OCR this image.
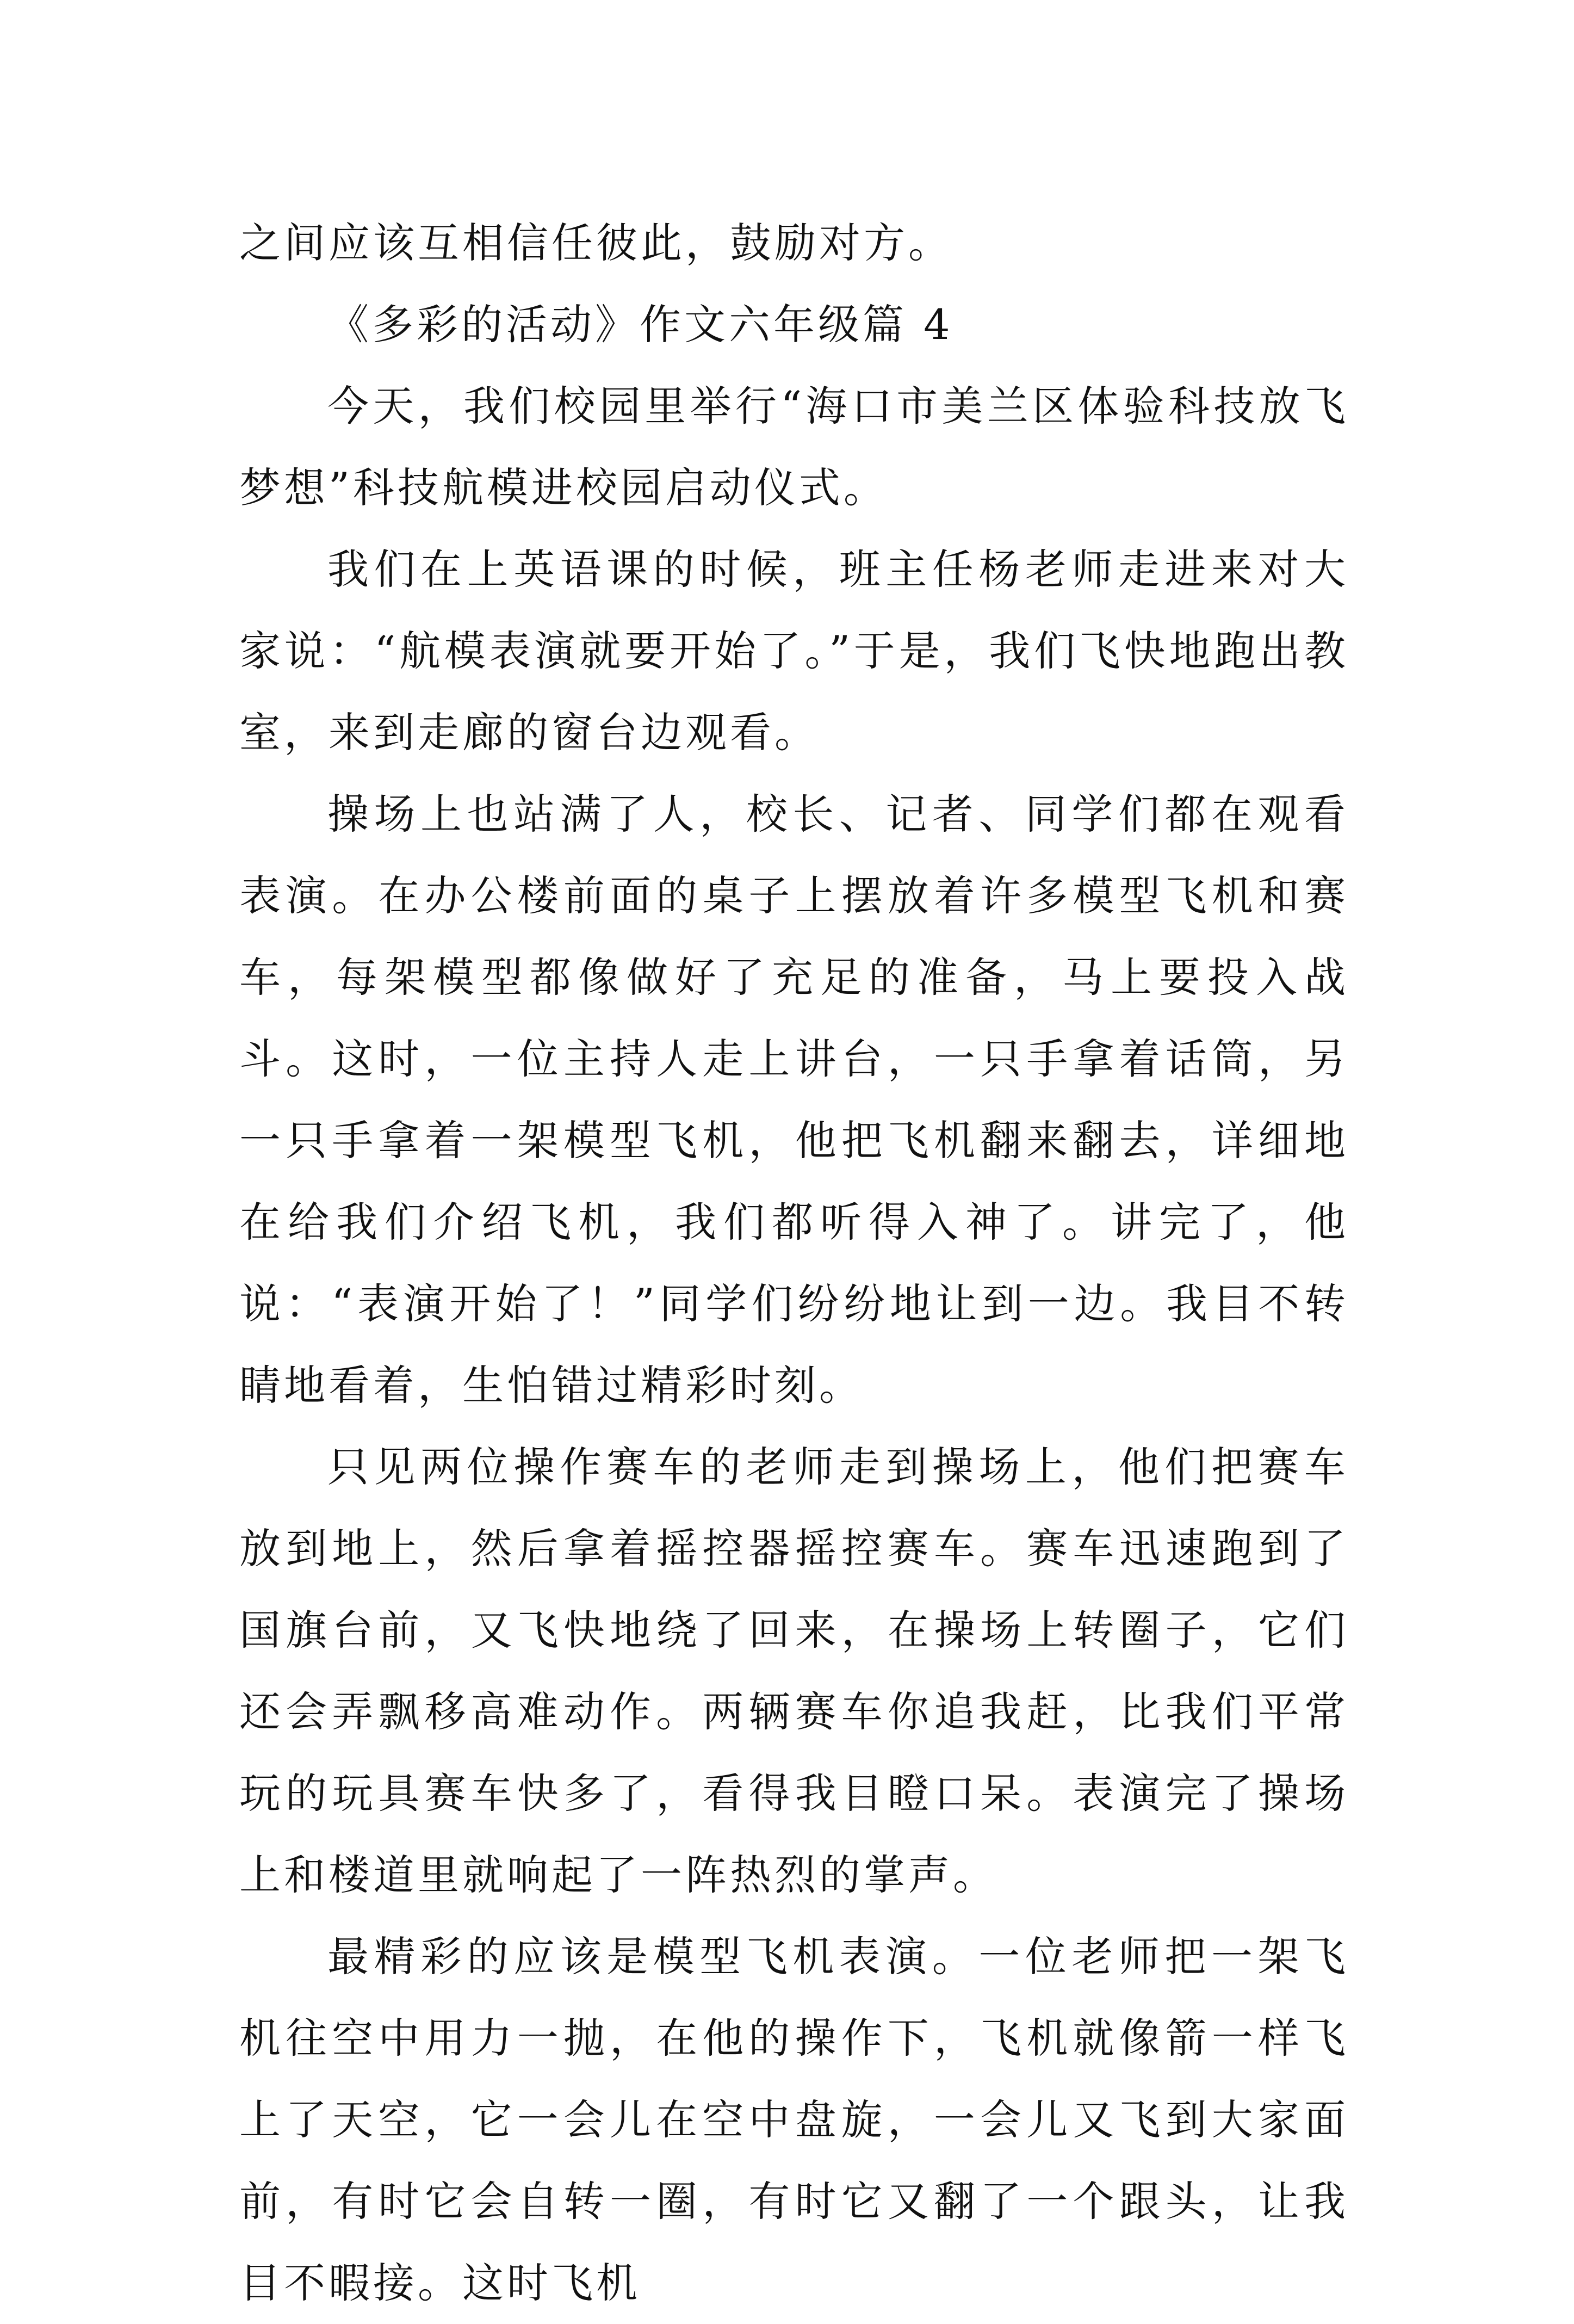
之间应该互相信任彼此，鼓励对方。

《多彩的活动》作文六年级篇 4

今天，我们校园里举行“海口市美兰区体验科技放飞梦想”科技航模进校园启动仪式。

我们在上英语课的时候，班主任杨老师走进来对大家说：“航模表演就要开始了。”于是，我们飞快地跑出教室，来到走廊的窗台边观看。

操场上也站满了人，校长、记者、同学们都在观看表演。在办公楼前面的桌子上摆放着许多模型飞机和赛车，每架模型都像做好了充足的准备，马上要投入战斗。这时，一位主持人走上讲台，一只手拿着话筒，另一只手拿着一架模型飞机，他把飞机翻来翻去，详细地在给我们介绍飞机，我们都听得入神了。讲完了，他说：“表演开始了！”同学们纷纷地让到一边。我目不转睛地看着，生怕错过精彩时刻。

只见两位操作赛车的老师走到操场上，他们把赛车放到地上，然后拿着摇控器摇控赛车。赛车迅速跑到了国旗台前，又飞快地绕了回来，在操场上转圈子，它们还会弄飘移高难动作。两辆赛车你追我赶，比我们平常玩的玩具赛车快多了，看得我目瞪口呆。表演完了操场上和楼道里就响起了一阵热烈的掌声。

最精彩的应该是模型飞机表演。一位老师把一架飞机往空中用力一抛，在他的操作下，飞机就像箭一样飞上了天空，它一会儿在空中盘旋，一会儿又飞到大家面前，有时它会自转一圈，有时它又翻了一个跟头，让我目不暇接。这时飞机
